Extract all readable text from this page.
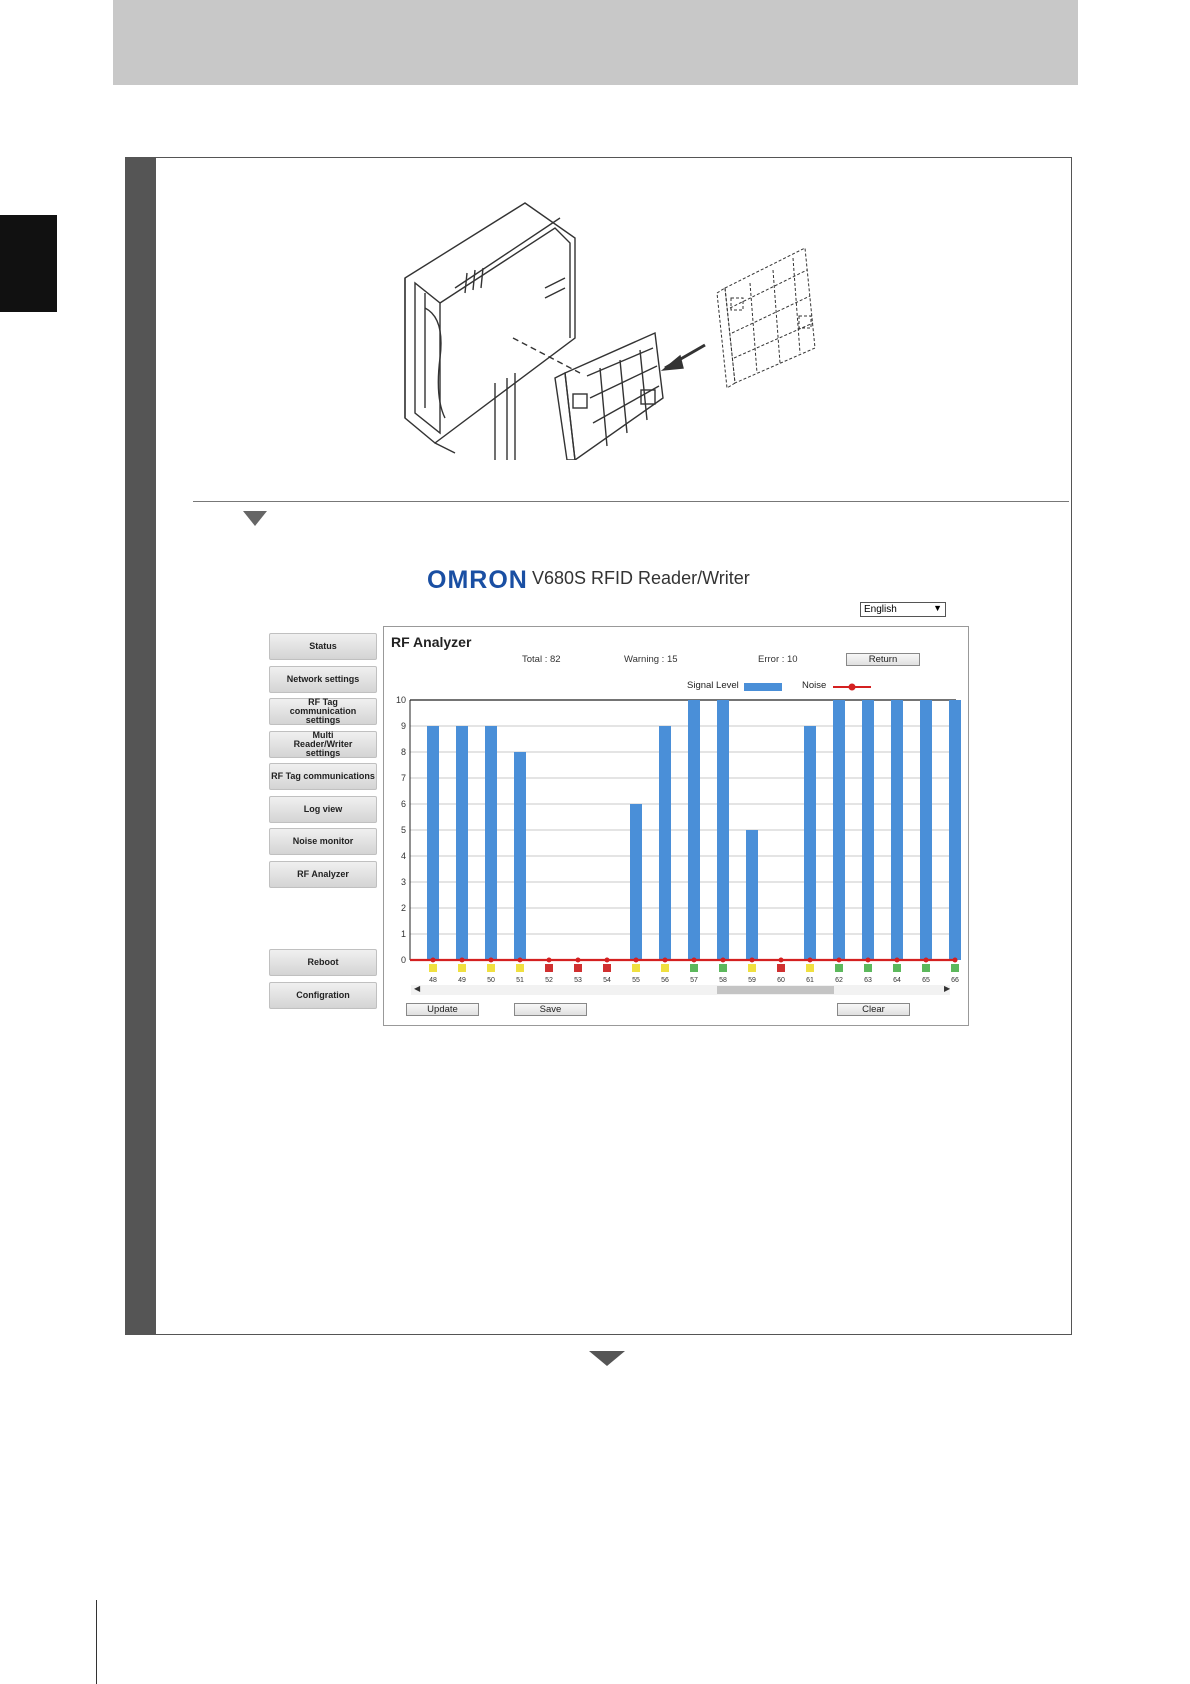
OMRON V680S RFID Reader/Writer
English	▼
Status
Network settings
RF Tag communication settings
Multi Reader/Writer settings
RF Tag communications
Log view
Noise monitor
RF Analyzer
Reboot
Configration
RF Analyzer
Total : 82	Warning : 15	Error : 10	Return
Signal Level	Noise
0
1
2
3
4
5
6
7
8
9
10
48	49	50	51	52	53	54	55	56	57	58	59	60	61	62	63	64	65	66
◀	▶
Update	Save	Clear
